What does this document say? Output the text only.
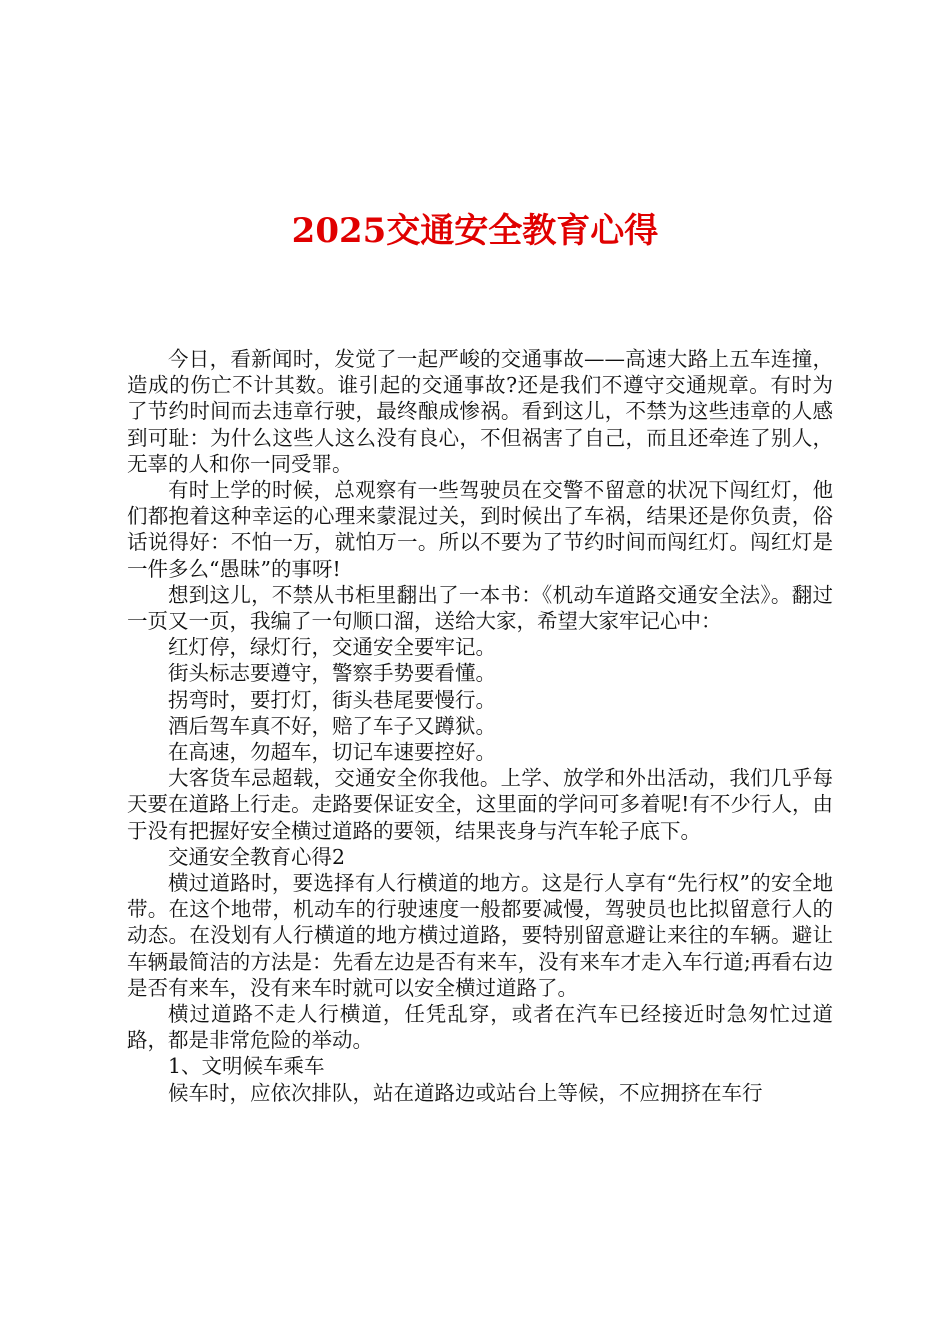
2025交通安全教育心得

今日，看新闻时，发觉了一起严峻的交通事故——高速大路上五车连撞，造成的伤亡不计其数。谁引起的交通事故?还是我们不遵守交通规章。有时为了节约时间而去违章行驶，最终酿成惨祸。看到这儿，不禁为这些违章的人感到可耻：为什么这些人这么没有良心，不但祸害了自己，而且还牵连了别人，无辜的人和你一同受罪。

有时上学的时候，总观察有一些驾驶员在交警不留意的状况下闯红灯，他们都抱着这种幸运的心理来蒙混过关，到时候出了车祸，结果还是你负责，俗话说得好：不怕一万，就怕万一。所以不要为了节约时间而闯红灯。闯红灯是一件多么“愚昧”的事呀!

想到这儿，不禁从书柜里翻出了一本书：《机动车道路交通安全法》。翻过一页又一页，我编了一句顺口溜，送给大家，希望大家牢记心中：

红灯停，绿灯行，交通安全要牢记。

街头标志要遵守，警察手势要看懂。

拐弯时，要打灯，街头巷尾要慢行。

酒后驾车真不好，赔了车子又蹲狱。

在高速，勿超车，切记车速要控好。

大客货车忌超载，交通安全你我他。上学、放学和外出活动，我们几乎每天要在道路上行走。走路要保证安全，这里面的学问可多着呢!有不少行人，由于没有把握好安全横过道路的要领，结果丧身与汽车轮子底下。

交通安全教育心得2

横过道路时，要选择有人行横道的地方。这是行人享有“先行权”的安全地带。在这个地带，机动车的行驶速度一般都要减慢，驾驶员也比拟留意行人的动态。在没划有人行横道的地方横过道路，要特别留意避让来往的车辆。避让车辆最简洁的方法是：先看左边是否有来车，没有来车才走入车行道;再看右边是否有来车，没有来车时就可以安全横过道路了。

横过道路不走人行横道，任凭乱穿，或者在汽车已经接近时急匆忙过道路，都是非常危险的举动。

1、文明候车乘车

候车时，应依次排队，站在道路边或站台上等候，不应拥挤在车行
